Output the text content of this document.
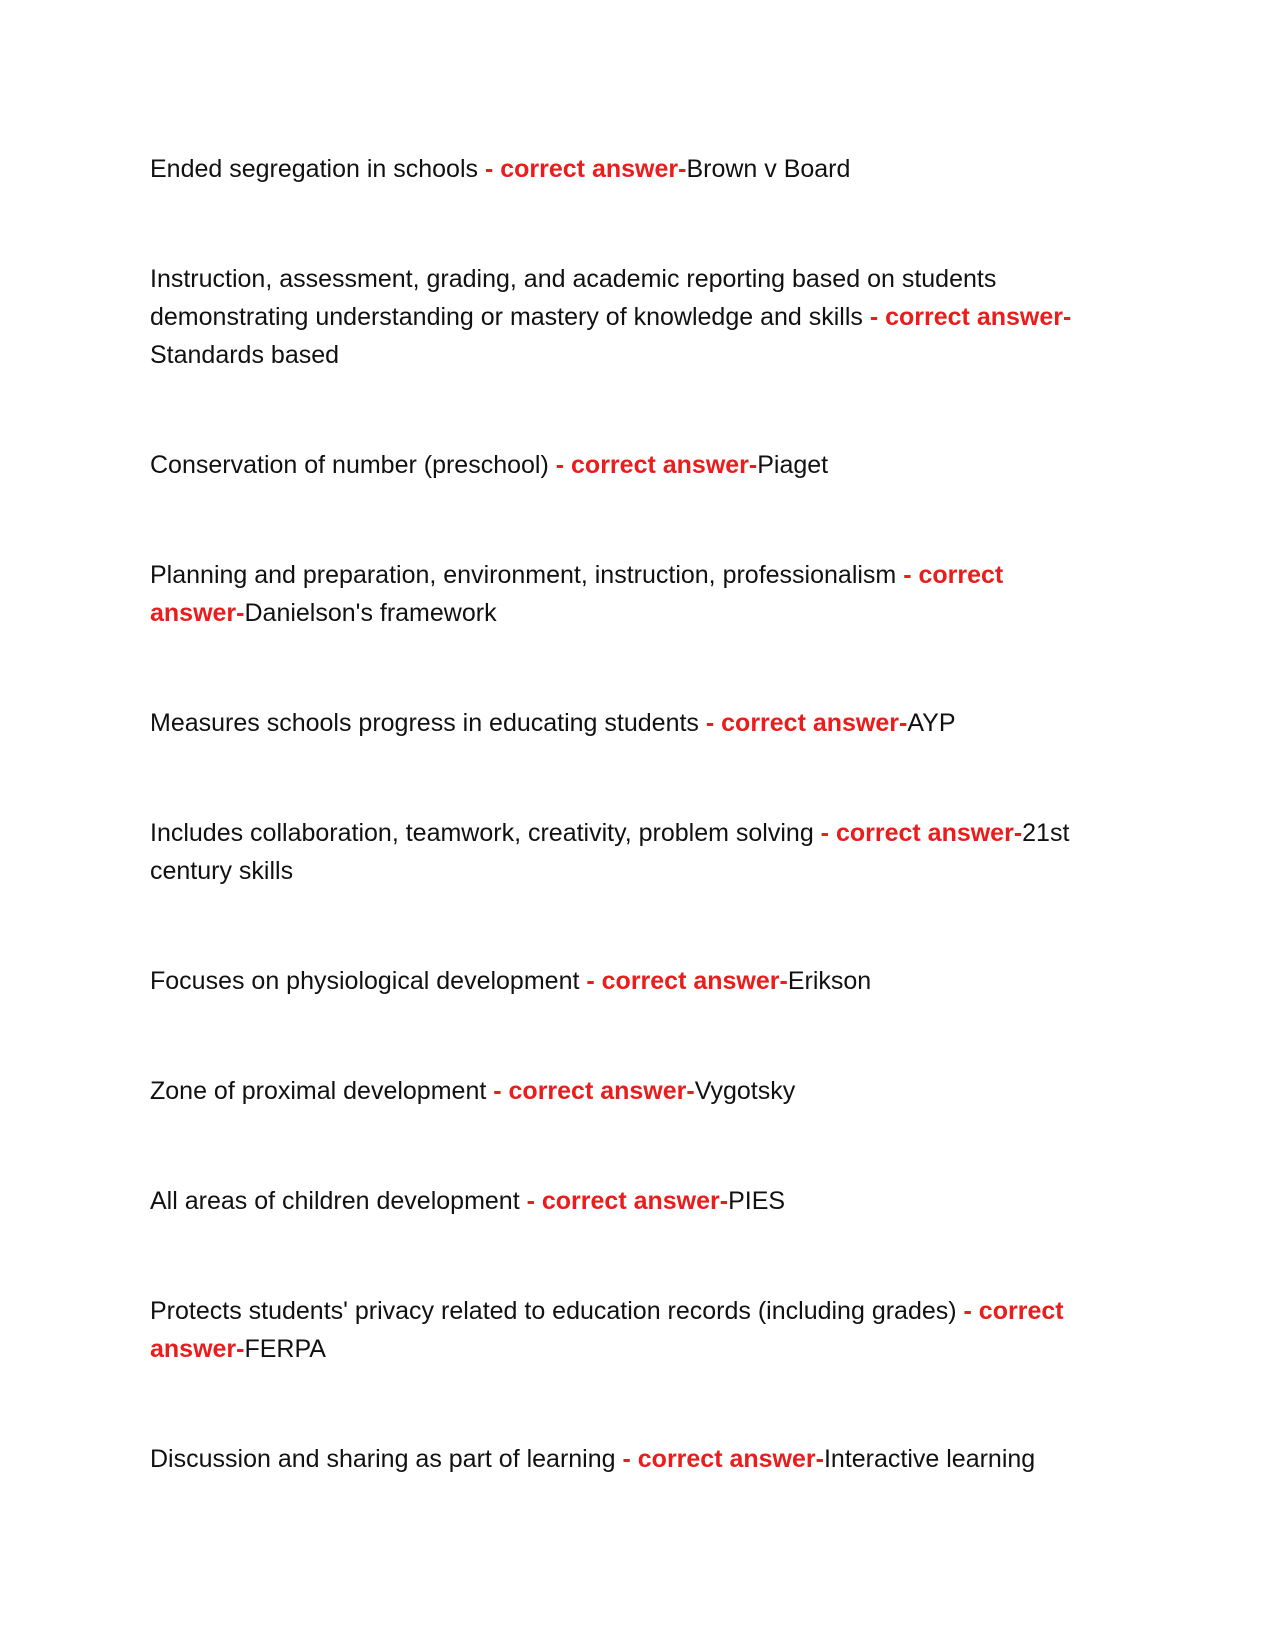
Ended segregation in schools - correct answer-Brown v Board

Instruction, assessment, grading, and academic reporting based on students demonstrating understanding or mastery of knowledge and skills - correct answer-Standards based

Conservation of number (preschool) - correct answer-Piaget

Planning and preparation, environment, instruction, professionalism - correct answer-Danielson's framework

Measures schools progress in educating students - correct answer-AYP

Includes collaboration, teamwork, creativity, problem solving - correct answer-21st century skills

Focuses on physiological development - correct answer-Erikson

Zone of proximal development - correct answer-Vygotsky

All areas of children development - correct answer-PIES

Protects students' privacy related to education records (including grades) - correct answer-FERPA

Discussion and sharing as part of learning - correct answer-Interactive learning
